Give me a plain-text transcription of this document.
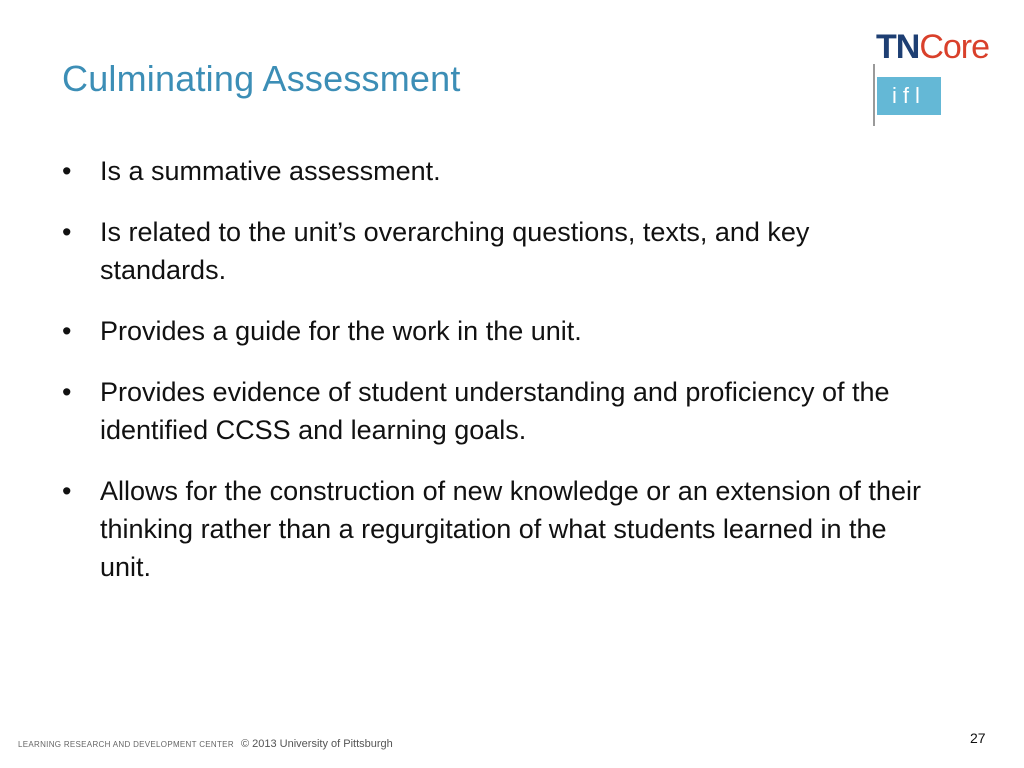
Culminating Assessment
TNCore
ifl
•	Is a summative assessment.
•	Is related to the unit’s overarching questions, texts, and key standards.
•	Provides a guide for the work in the unit.
•	Provides evidence of student understanding and proficiency of the identified CCSS and learning goals.
•	Allows for the construction of new knowledge or an extension of their thinking rather than a regurgitation of what students learned in the unit.
LEARNING RESEARCH AND DEVELOPMENT CENTER © 2013 University of Pittsburgh	27
